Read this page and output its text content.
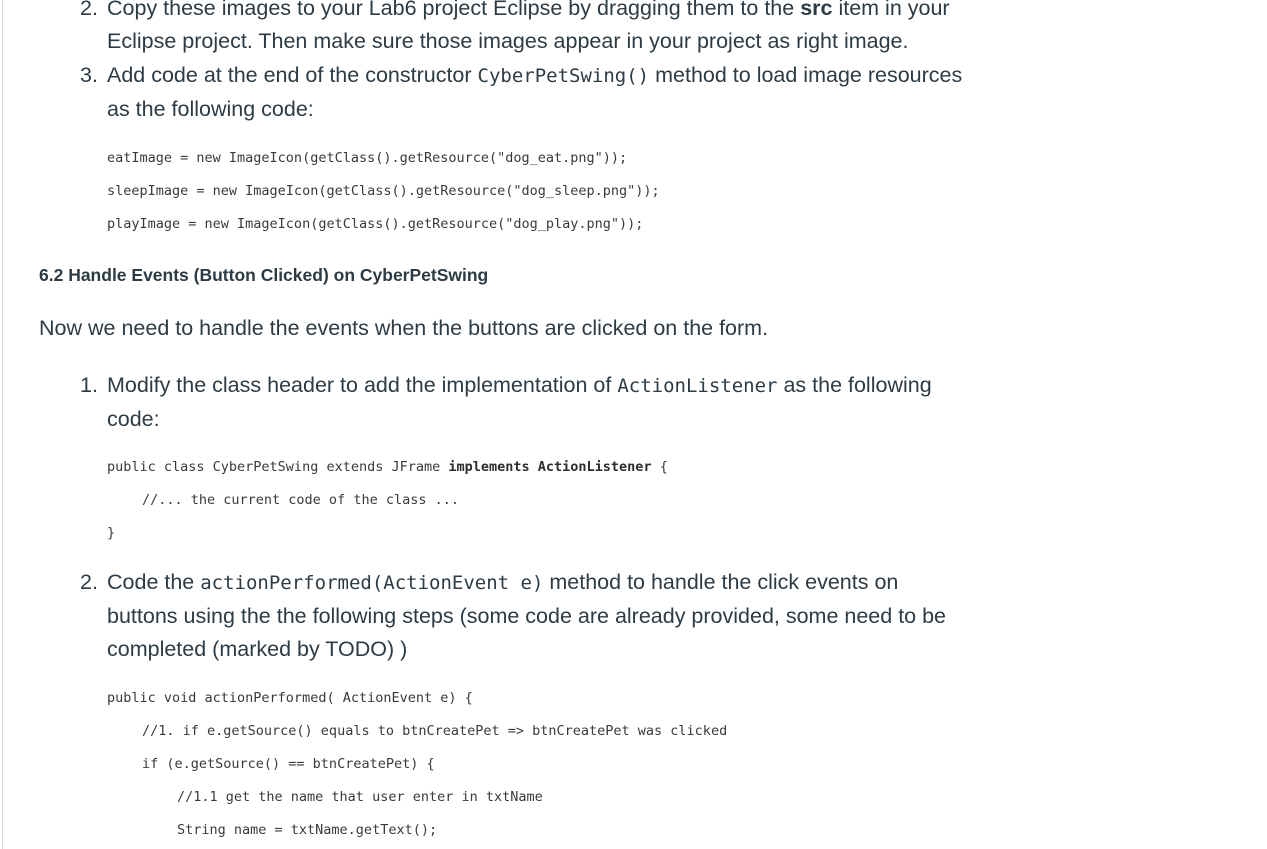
2. Copy these images to your Lab6 project Eclipse by dragging them to the src item in your
Eclipse project. Then make sure those images appear in your project as right image.
3. Add code at the end of the constructor CyberPetSwing() method to load image resources
as the following code:
eatImage = new ImageIcon(getClass().getResource("dog_eat.png"));
sleepImage = new ImageIcon(getClass().getResource("dog_sleep.png"));
playImage = new ImageIcon(getClass().getResource("dog_play.png"));
6.2 Handle Events (Button Clicked) on CyberPetSwing
Now we need to handle the events when the buttons are clicked on the form.
1. Modify the class header to add the implementation of ActionListener as the following
code:
public class CyberPetSwing extends JFrame implements ActionListener {
//... the current code of the class ...
}
2. Code the actionPerformed(ActionEvent e) method to handle the click events on
buttons using the the following steps (some code are already provided, some need to be
completed (marked by TODO) )
public void actionPerformed( ActionEvent e) {
//1. if e.getSource() equals to btnCreatePet => btnCreatePet was clicked
if (e.getSource() == btnCreatePet) {
//1.1 get the name that user enter in txtName
String name = txtName.getText();
